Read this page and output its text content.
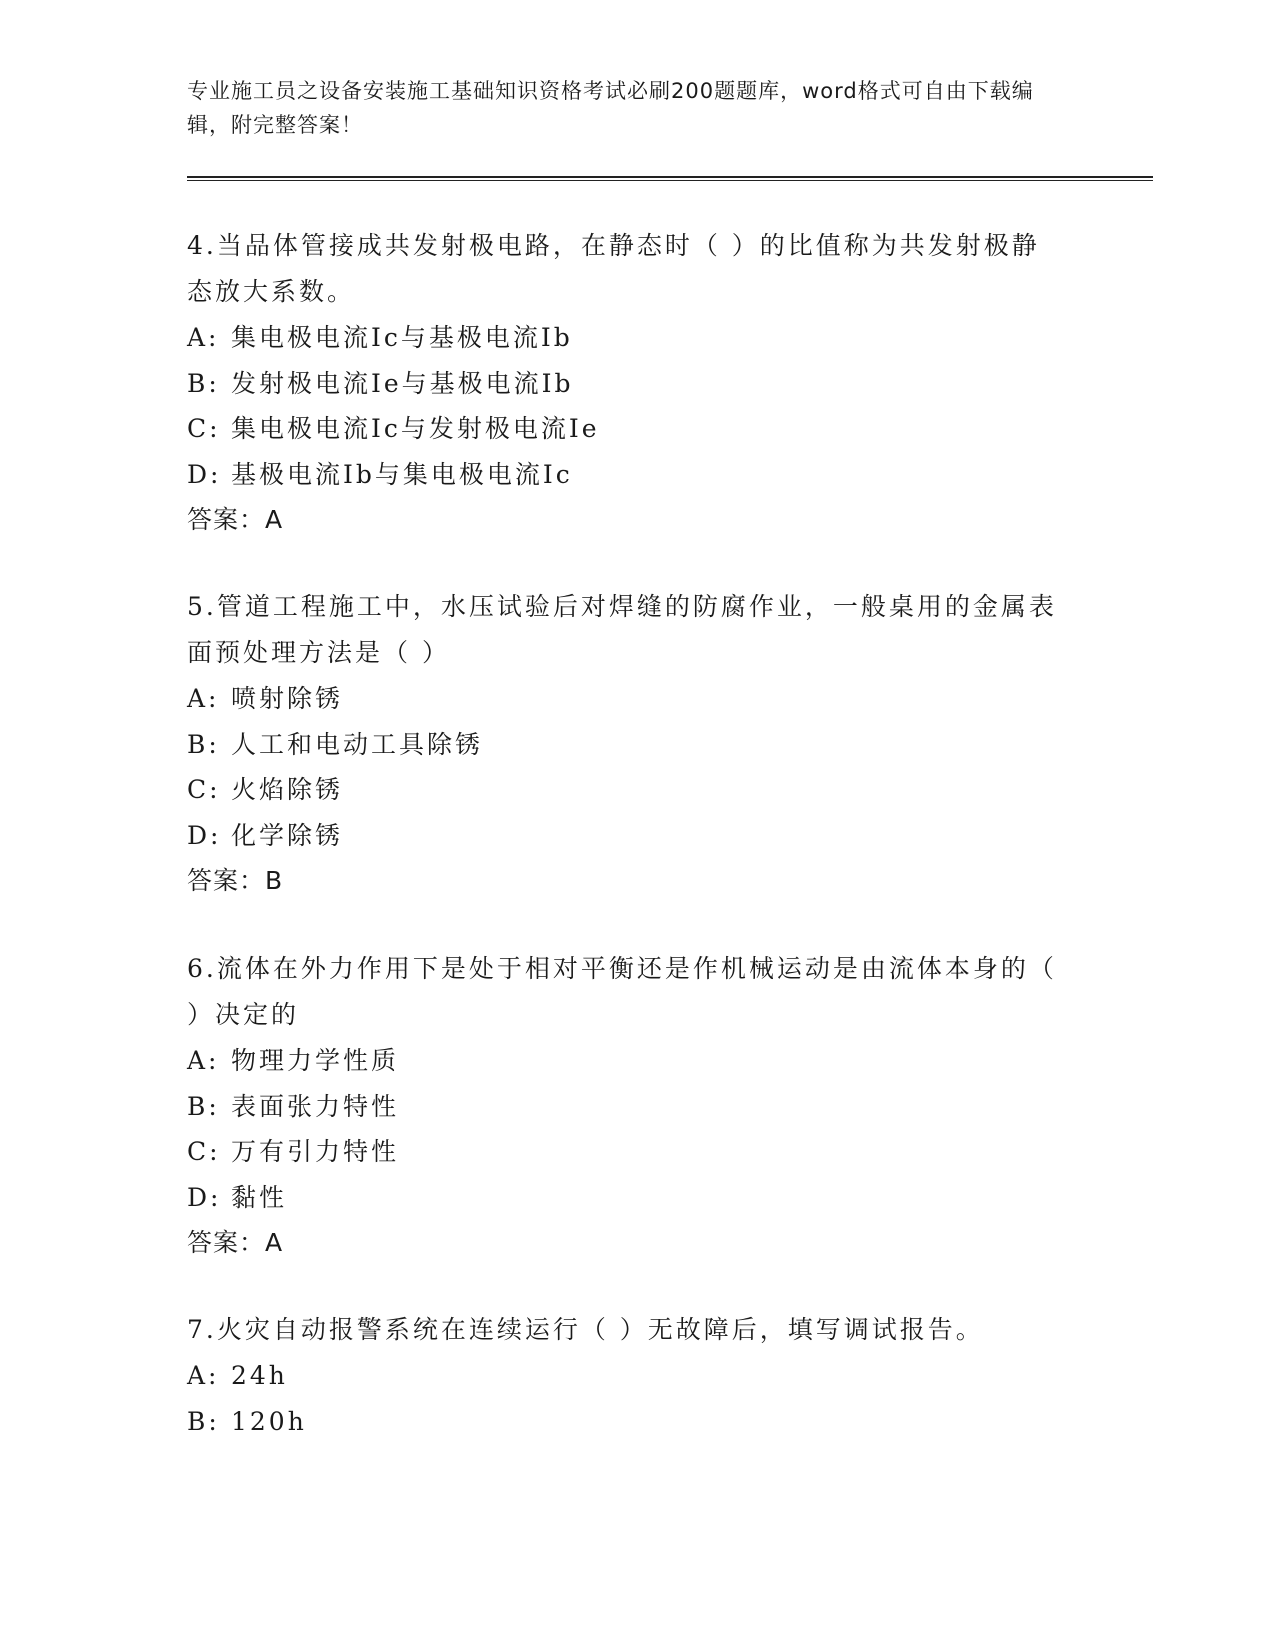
专业施工员之设备安装施工基础知识资格考试必刷200题题库，word格式可自由下载编辑，附完整答案！
4.当品体管接成共发射极电路，在静态时（ ）的比值称为共发射极静态放大系数。
A: 集电极电流Ic与基极电流Ib
B: 发射极电流Ie与基极电流Ib
C: 集电极电流Ic与发射极电流Ie
D: 基极电流Ib与集电极电流Ic
答案：A
5.管道工程施工中，水压试验后对焊缝的防腐作业，一般桌用的金属表面预处理方法是（ ）
A: 喷射除锈
B: 人工和电动工具除锈
C: 火焰除锈
D: 化学除锈
答案：B
6.流体在外力作用下是处于相对平衡还是作机械运动是由流体本身的（ ）决定的
A: 物理力学性质
B: 表面张力特性
C: 万有引力特性
D: 黏性
答案：A
7.火灾自动报警系统在连续运行（ ）无故障后，填写调试报告。
A: 24h
B: 120h
